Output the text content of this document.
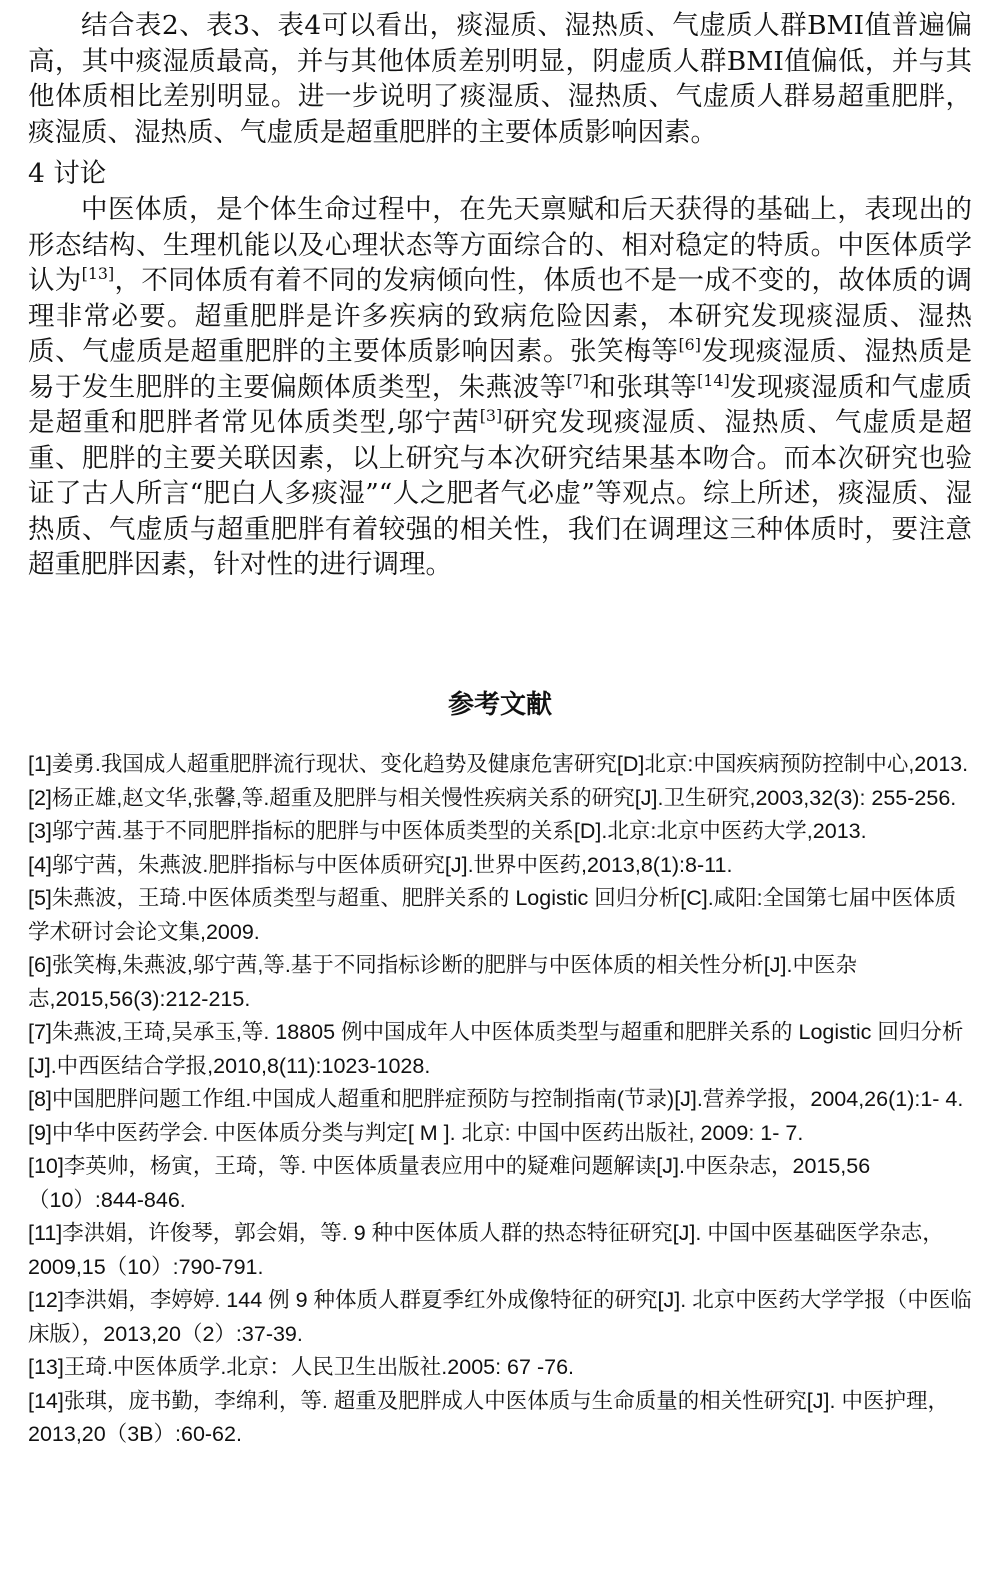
结合表2、表3、表4可以看出，痰湿质、湿热质、气虚质人群BMI值普遍偏高，其中痰湿质最高，并与其他体质差别明显，阴虚质人群BMI值偏低，并与其他体质相比差别明显。进一步说明了痰湿质、湿热质、气虚质人群易超重肥胖，痰湿质、湿热质、气虚质是超重肥胖的主要体质影响因素。

4 讨论

中医体质，是个体生命过程中，在先天禀赋和后天获得的基础上，表现出的形态结构、生理机能以及心理状态等方面综合的、相对稳定的特质。中医体质学认为[13]，不同体质有着不同的发病倾向性，体质也不是一成不变的，故体质的调理非常必要。超重肥胖是许多疾病的致病危险因素，本研究发现痰湿质、湿热质、气虚质是超重肥胖的主要体质影响因素。张笑梅等[6]发现痰湿质、湿热质是易于发生肥胖的主要偏颇体质类型，朱燕波等[7]和张琪等[14]发现痰湿质和气虚质是超重和肥胖者常见体质类型,邬宁茜[3]研究发现痰湿质、湿热质、气虚质是超重、肥胖的主要关联因素，以上研究与本次研究结果基本吻合。而本次研究也验证了古人所言“肥白人多痰湿”“人之肥者气必虚”等观点。综上所述，痰湿质、湿热质、气虚质与超重肥胖有着较强的相关性，我们在调理这三种体质时，要注意超重肥胖因素，针对性的进行调理。

参考文献
[1]姜勇.我国成人超重肥胖流行现状、变化趋势及健康危害研究[D]北京:中国疾病预防控制中心,2013.
[2]杨正雄,赵文华,张馨,等.超重及肥胖与相关慢性疾病关系的研究[J].卫生研究,2003,32(3): 255-256.
[3]邬宁茜.基于不同肥胖指标的肥胖与中医体质类型的关系[D].北京:北京中医药大学,2013.
[4]邬宁茜，朱燕波.肥胖指标与中医体质研究[J].世界中医药,2013,8(1):8-11.
[5]朱燕波，王琦.中医体质类型与超重、肥胖关系的 Logistic 回归分析[C].咸阳:全国第七届中医体质学术研讨会论文集,2009.
[6]张笑梅,朱燕波,邬宁茜,等.基于不同指标诊断的肥胖与中医体质的相关性分析[J].中医杂志,2015,56(3):212-215.
[7]朱燕波,王琦,吴承玉,等. 18805 例中国成年人中医体质类型与超重和肥胖关系的 Logistic 回归分析[J].中西医结合学报,2010,8(11):1023-1028.
[8]中国肥胖问题工作组.中国成人超重和肥胖症预防与控制指南(节录)[J].营养学报，2004,26(1):1- 4.
[9]中华中医药学会. 中医体质分类与判定[ M ]. 北京: 中国中医药出版社, 2009: 1- 7.
[10]李英帅，杨寅，王琦，等. 中医体质量表应用中的疑难问题解读[J].中医杂志，2015,56（10）:844-846.
[11]李洪娟，许俊琴，郭会娟，等. 9 种中医体质人群的热态特征研究[J]. 中国中医基础医学杂志，2009,15（10）:790-791.
[12]李洪娟，李婷婷. 144 例 9 种体质人群夏季红外成像特征的研究[J]. 北京中医药大学学报（中医临床版），2013,20（2）:37-39.
[13]王琦.中医体质学.北京：人民卫生出版社.2005: 67 -76.
[14]张琪，庞书勤，李绵利，等. 超重及肥胖成人中医体质与生命质量的相关性研究[J]. 中医护理，2013,20（3B）:60-62.
